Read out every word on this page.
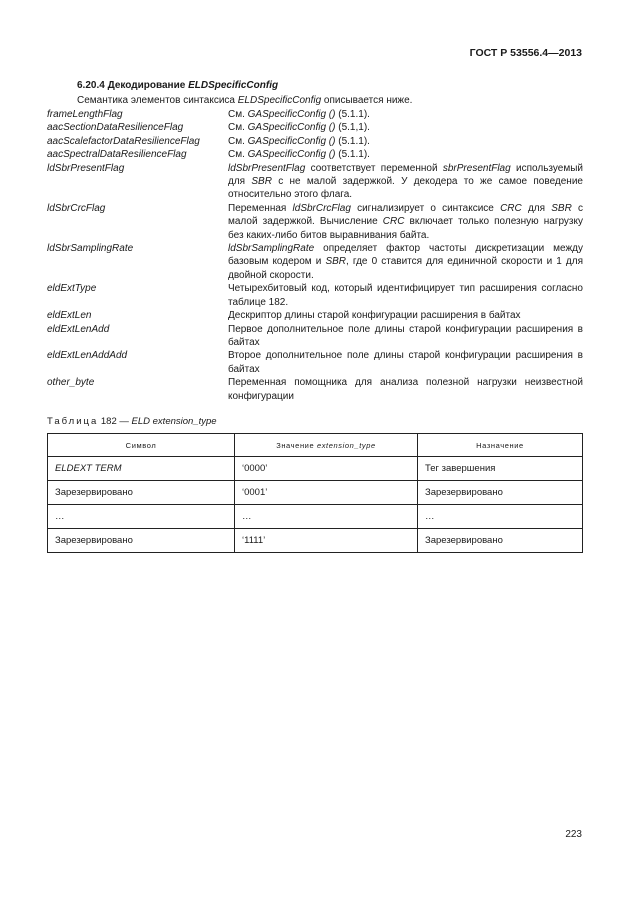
ГОСТ Р 53556.4—2013
6.20.4 Декодирование ELDSpecificConfig
Семантика элементов синтаксиса ELDSpecificConfig описывается ниже.
frameLengthFlag	См. GASpecificConfig () (5.1.1).
aacSectionDataResilienceFlag	См. GASpecificConfig () (5.1,1).
aacScalefactorDataResilienceFlag	См. GASpecificConfig () (5.1.1).
aacSpectralDataResilienceFlag	См. GASpecificConfig () (5.1.1).
ldSbrPresentFlag	ldSbrPresentFlag соответствует переменной sbrPresentFlag используемый для SBR с не малой задержкой. У декодера то же самое поведение относительно этого флага.
ldSbrCrcFlag	Переменная ldSbrCrcFlag сигнализирует о синтаксисе CRC для SBR с малой задержкой. Вычисление CRC включает только полезную нагрузку без каких-либо битов выравнивания байта.
ldSbrSamplingRate	ldSbrSamplingRate определяет фактор частоты дискретизации между базовым кодером и SBR, где 0 ставится для единичной скорости и 1 для двойной скорости.
eldExtType	Четырехбитовый код, который идентифицирует тип расширения согласно таблице 182.
eldExtLen	Дескриптор длины старой конфигурации расширения в байтах
eldExtLenAdd	Первое дополнительное поле длины старой конфигурации расширения в байтах
eldExtLenAddAdd	Второе дополнительное поле длины старой конфигурации расширения в байтах
other_byte	Переменная помощника для анализа полезной нагрузки неизвестной конфигурации
Таблица 182 — ELD extension_type
Символ	Значение extension_type	Назначение
ELDEXT TERM	‘0000’	Тег завершения
Зарезервировано	‘0001’	Зарезервировано
…	…	…
Зарезервировано	‘1111’	Зарезервировано
223
